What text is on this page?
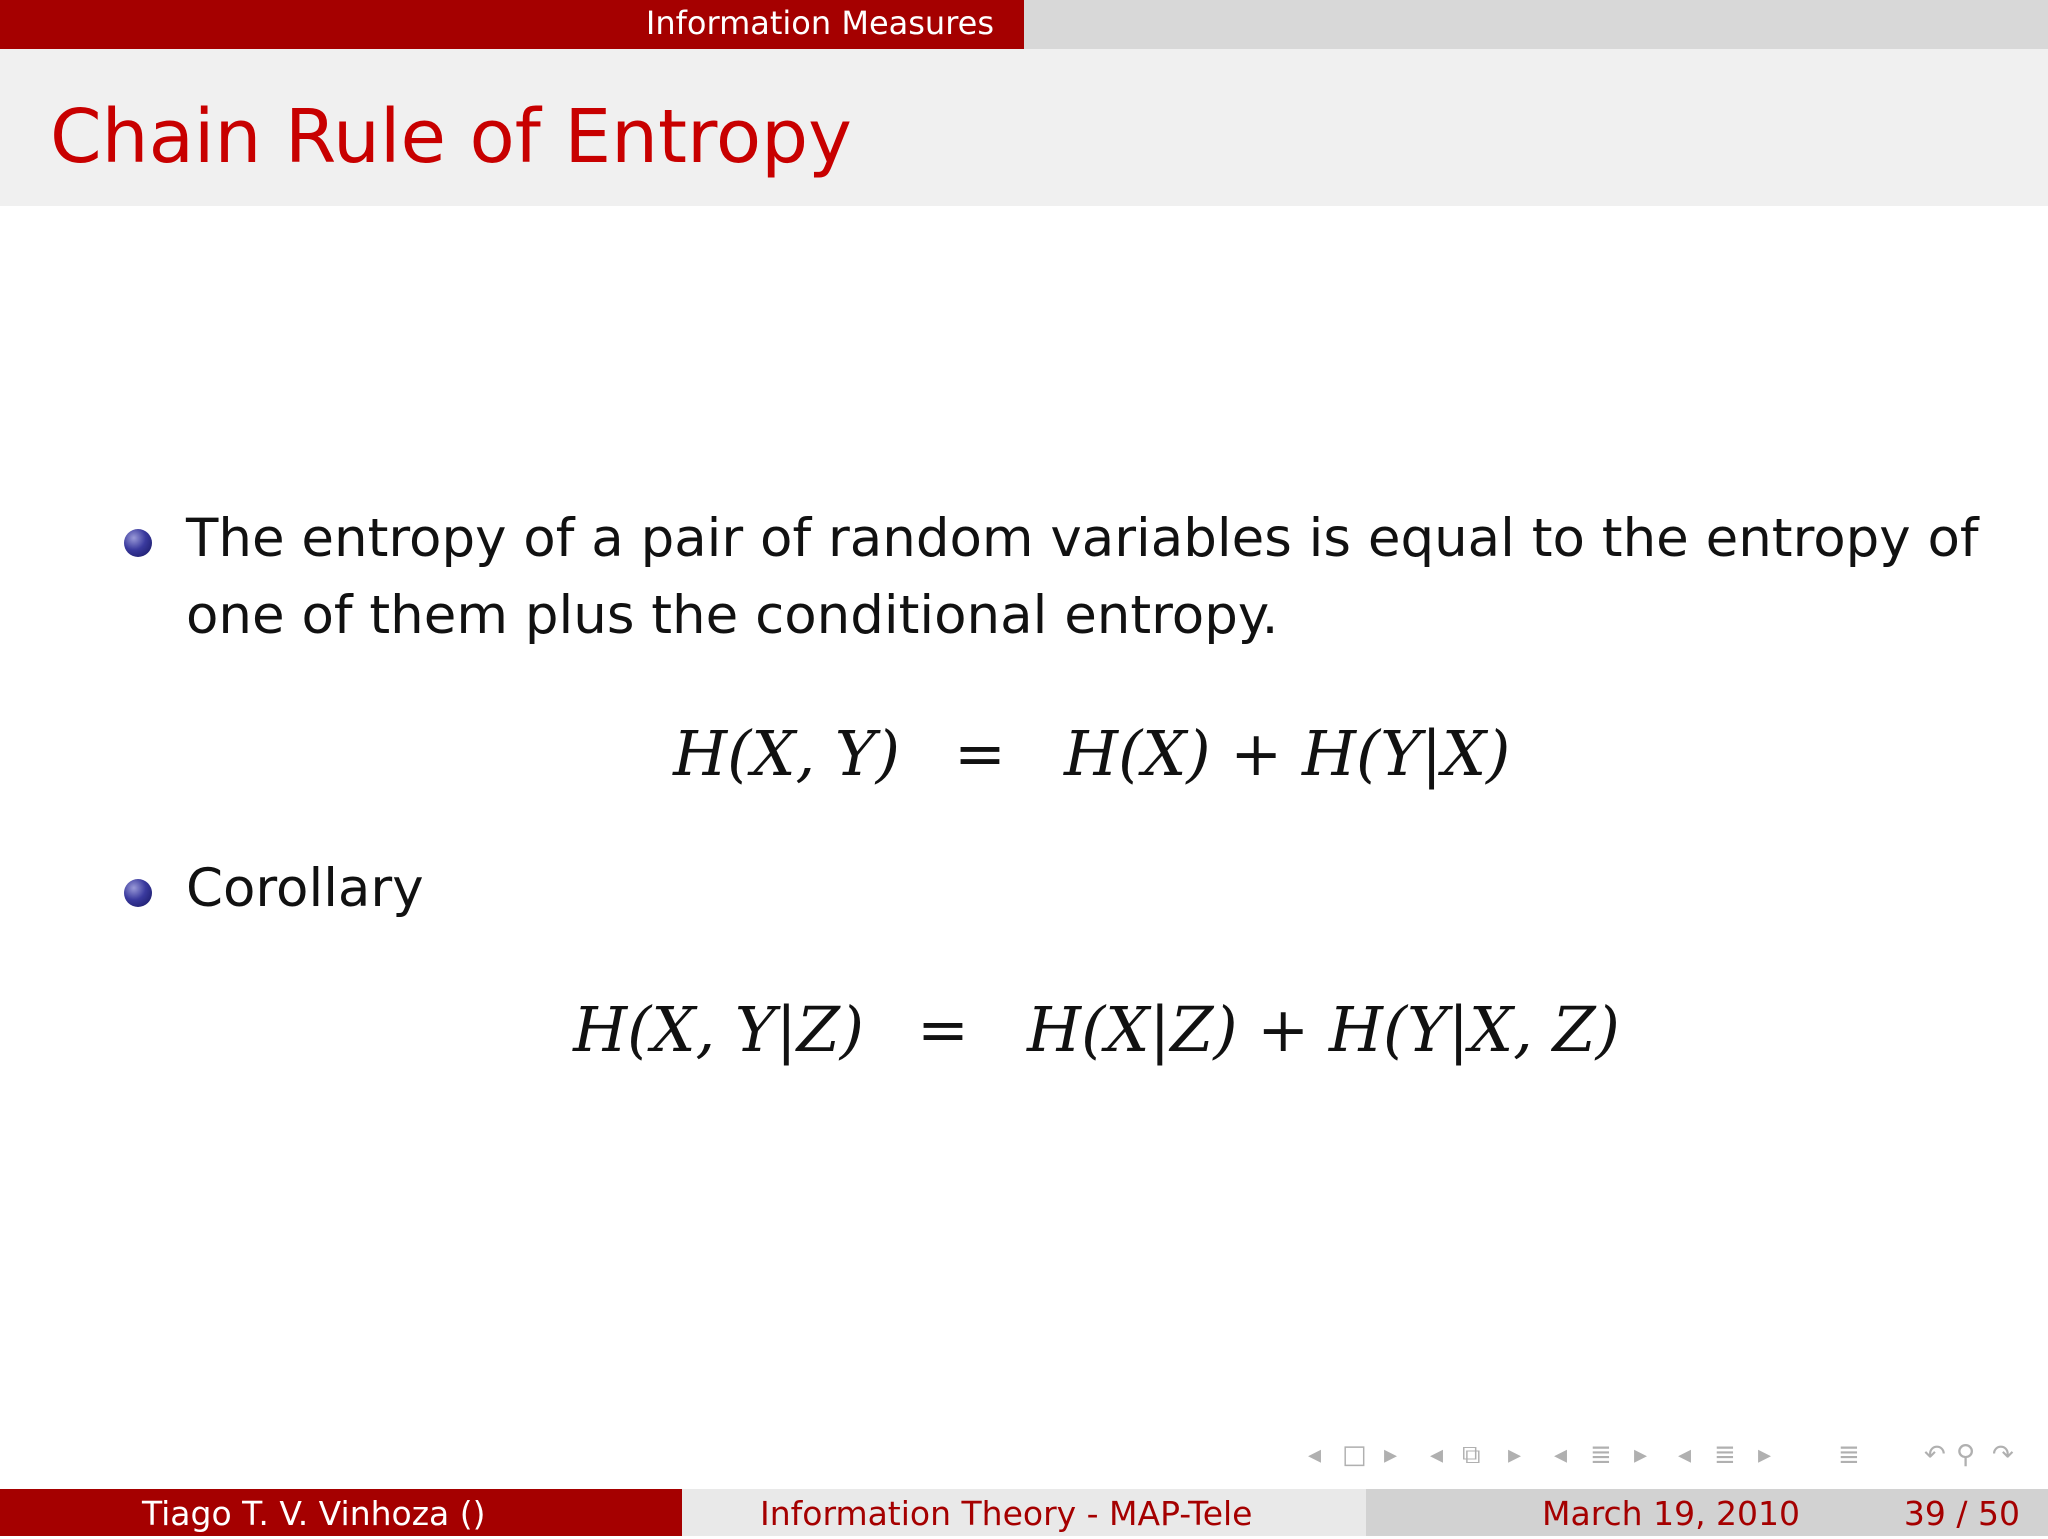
Information Measures
Chain Rule of Entropy
The entropy of a pair of random variables is equal to the entropy of
one of them plus the conditional entropy.
H(X, Y) = H(X) + H(Y|X)
Corollary
H(X, Y|Z) = H(X|Z) + H(Y|X, Z)
◂ □ ▸ ◂ ⧉ ▸ ◂ ≣ ▸ ◂ ≣ ▸	≣ ↶ ⚲ ↷
Tiago T. V. Vinhoza ()	Information Theory - MAP-Tele	March 19, 2010	39 / 50
